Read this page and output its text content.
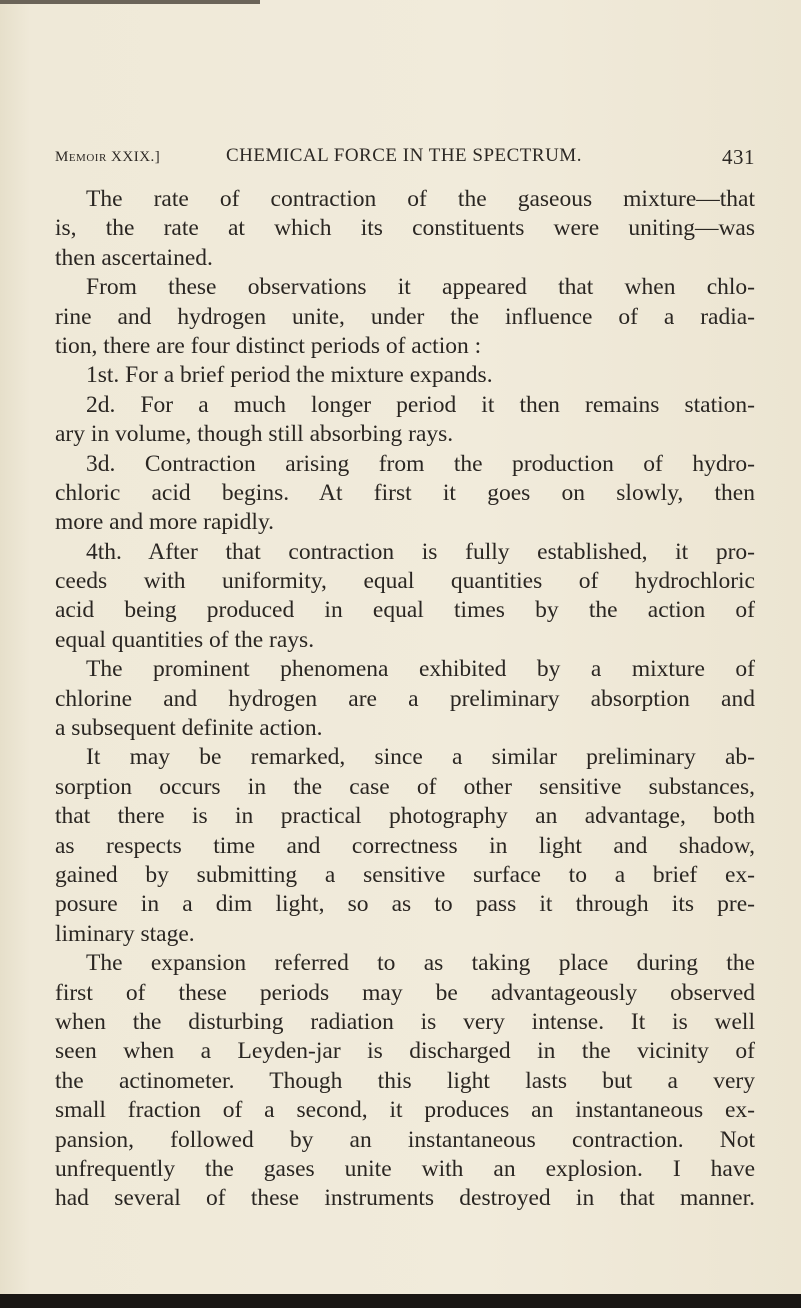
Memoir XXIX.]	CHEMICAL FORCE IN THE SPECTRUM.	431
The rate of contraction of the gaseous mixture—that
is, the rate at which its constituents were uniting—was
then ascertained.
From these observations it appeared that when chlo-
rine and hydrogen unite, under the influence of a radia-
tion, there are four distinct periods of action :
1st. For a brief period the mixture expands.
2d. For a much longer period it then remains station-
ary in volume, though still absorbing rays.
3d. Contraction arising from the production of hydro-
chloric acid begins. At first it goes on slowly, then
more and more rapidly.
4th. After that contraction is fully established, it pro-
ceeds with uniformity, equal quantities of hydrochloric
acid being produced in equal times by the action of
equal quantities of the rays.
The prominent phenomena exhibited by a mixture of
chlorine and hydrogen are a preliminary absorption and
a subsequent definite action.
It may be remarked, since a similar preliminary ab-
sorption occurs in the case of other sensitive substances,
that there is in practical photography an advantage, both
as respects time and correctness in light and shadow,
gained by submitting a sensitive surface to a brief ex-
posure in a dim light, so as to pass it through its pre-
liminary stage.
The expansion referred to as taking place during the
first of these periods may be advantageously observed
when the disturbing radiation is very intense. It is well
seen when a Leyden-jar is discharged in the vicinity of
the actinometer. Though this light lasts but a very
small fraction of a second, it produces an instantaneous ex-
pansion, followed by an instantaneous contraction. Not
unfrequently the gases unite with an explosion. I have
had several of these instruments destroyed in that manner.
